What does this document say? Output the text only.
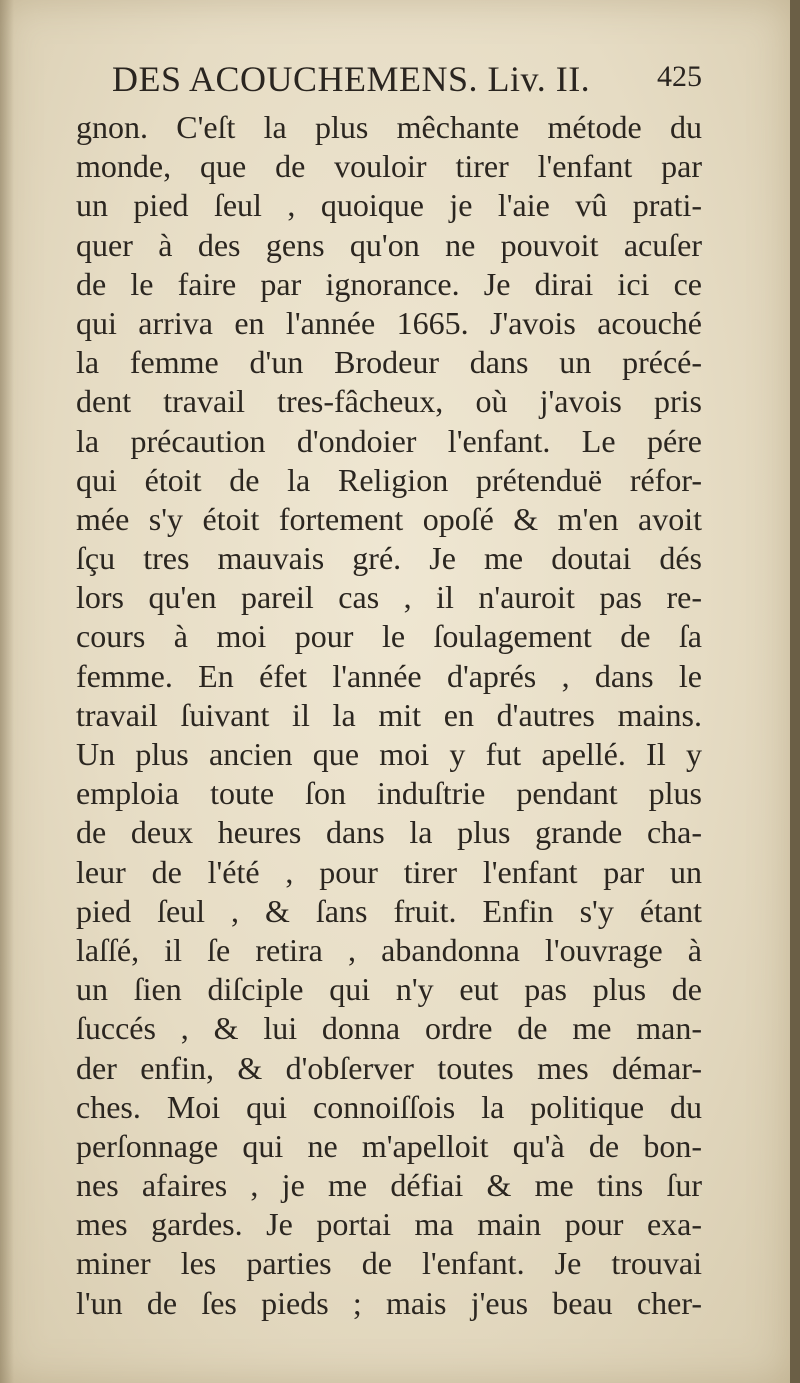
DES ACOUCHEMENS. Liv. II. 425
gnon. C'eſt la plus mêchante métode du
monde, que de vouloir tirer l'enfant par
un pied ſeul , quoique je l'aie vû prati-
quer à des gens qu'on ne pouvoit acuſer
de le faire par ignorance. Je dirai ici ce
qui arriva en l'année 1665. J'avois acouché
la femme d'un Brodeur dans un précé-
dent travail tres-fâcheux, où j'avois pris
la précaution d'ondoier l'enfant. Le pére
qui étoit de la Religion prétenduë réfor-
mée s'y étoit fortement opoſé & m'en avoit
ſçu tres mauvais gré. Je me doutai dés
lors qu'en pareil cas , il n'auroit pas re-
cours à moi pour le ſoulagement de ſa
femme. En éfet l'année d'aprés , dans le
travail ſuivant il la mit en d'autres mains.
Un plus ancien que moi y fut apellé. Il y
emploia toute ſon induſtrie pendant plus
de deux heures dans la plus grande cha-
leur de l'été , pour tirer l'enfant par un
pied ſeul , & ſans fruit. Enfin s'y étant
laſſé, il ſe retira , abandonna l'ouvrage à
un ſien diſciple qui n'y eut pas plus de
ſuccés , & lui donna ordre de me man-
der enfin, & d'obſerver toutes mes démar-
ches. Moi qui connoiſſois la politique du
perſonnage qui ne m'apelloit qu'à de bon-
nes afaires , je me défiai & me tins ſur
mes gardes. Je portai ma main pour exa-
miner les parties de l'enfant. Je trouvai
l'un de ſes pieds ; mais j'eus beau cher-
